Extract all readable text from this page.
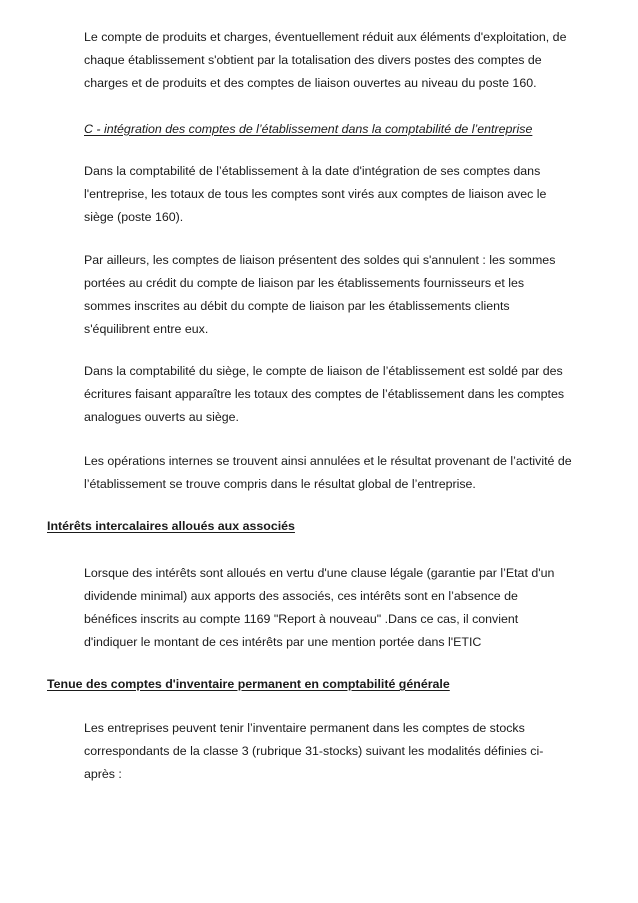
Le compte de produits et charges, éventuellement réduit aux éléments d'exploitation, de
chaque établissement s'obtient par la totalisation des divers postes des comptes de
charges et de produits et des comptes de liaison ouvertes au niveau du poste 160.

C - intégration des comptes de l’établissement dans la comptabilité de l’entreprise

Dans la comptabilité de l’établissement à la date d'intégration de ses comptes dans
l'entreprise, les totaux de tous les comptes sont virés aux comptes de liaison avec le
siège (poste 160).
Par ailleurs, les comptes de liaison présentent des soldes qui s'annulent : les sommes
portées au crédit du compte de liaison par les établissements fournisseurs et les
sommes inscrites au débit du compte de liaison par les établissements clients
s'équilibrent entre eux.
Dans la comptabilité du siège, le compte de liaison de l’établissement est soldé par des
écritures faisant apparaître les totaux des comptes de l’établissement dans les comptes
analogues ouverts au siège.
Les opérations internes se trouvent ainsi annulées et le résultat provenant de l’activité de
l’établissement se trouve compris dans le résultat global de l’entreprise.

Intérêts intercalaires alloués aux associés

Lorsque des intérêts sont alloués en vertu d'une clause légale (garantie par l’Etat d'un
dividende minimal) aux apports des associés, ces intérêts sont en l’absence de
bénéfices inscrits au compte 1169 "Report à nouveau" .Dans ce cas, il convient
d'indiquer le montant de ces intérêts par une mention portée dans l'ETIC

Tenue des comptes d'inventaire permanent en comptabilité générale

Les entreprises peuvent tenir l’inventaire permanent dans les comptes de stocks
correspondants de la classe 3 (rubrique 31-stocks) suivant les modalités définies ci-
après :
